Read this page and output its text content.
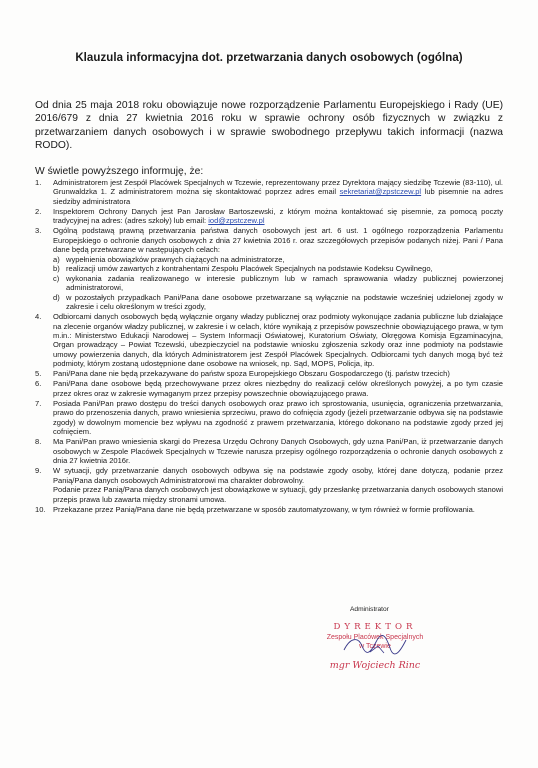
Klauzula informacyjna dot. przetwarzania danych osobowych (ogólna)
Od dnia 25 maja 2018 roku obowiązuje nowe rozporządzenie Parlamentu Europejskiego i Rady (UE) 2016/679 z dnia 27 kwietnia 2016 roku w sprawie ochrony osób fizycznych w związku z przetwarzaniem danych osobowych i w sprawie swobodnego przepływu takich informacji (nazwa RODO).
W świetle powyższego informuję, że:
1. Administratorem jest Zespół Placówek Specjalnych w Tczewie, reprezentowany przez Dyrektora mający siedzibę Tczewie (83-110), ul. Grunwaldzka 1. Z administratorem można się skontaktować poprzez adres email sekretariat@zpstczew.pl lub pisemnie na adres siedziby administratora
2. Inspektorem Ochrony Danych jest Pan Jarosław Bartoszewski, z którym można kontaktować się pisemnie, za pomocą poczty tradycyjnej na adres: (adres szkoły) lub email: iod@zpstczew.pl
3. Ogólną podstawą prawną przetwarzania państwa danych osobowych jest art. 6 ust. 1 ogólnego rozporządzenia Parlamentu Europejskiego o ochronie danych osobowych z dnia 27 kwietnia 2016 r. oraz szczegółowych przepisów podanych niżej. Pani / Pana dane będą przetwarzane w następujących celach:
a) wypełnienia obowiązków prawnych ciążących na administratorze,
b) realizacji umów zawartych z kontrahentami Zespołu Placówek Specjalnych na podstawie Kodeksu Cywilnego,
c) wykonania zadania realizowanego w interesie publicznym lub w ramach sprawowania władzy publicznej powierzonej administratorowi,
d) w pozostałych przypadkach Pani/Pana dane osobowe przetwarzane są wyłącznie na podstawie wcześniej udzielonej zgody w zakresie i celu określonym w treści zgody,
4. Odbiorcami danych osobowych będą wyłącznie organy władzy publicznej oraz podmioty wykonujące zadania publiczne lub działające na zlecenie organów władzy publicznej, w zakresie i w celach, które wynikają z przepisów powszechnie obowiązującego prawa, w tym m.in.: Ministerstwo Edukacji Narodowej – System Informacji Oświatowej, Kuratorium Oświaty, Okręgowa Komisja Egzaminacyjna, Organ prowadzący – Powiat Tczewski, ubezpieczyciel na podstawie wniosku zgłoszenia szkody oraz inne podmioty na podstawie umowy powierzenia danych, dla których Administratorem jest Zespół Placówek Specjalnych. Odbiorcami tych danych mogą być też podmioty, którym zostaną udostępnione dane osobowe na wniosek, np. Sąd, MOPS, Policja, itp.
5. Pani/Pana dane nie będą przekazywane do państw spoza Europejskiego Obszaru Gospodarczego (tj. państw trzecich)
6. Pani/Pana dane osobowe będą przechowywane przez okres niezbędny do realizacji celów określonych powyżej, a po tym czasie przez okres oraz w zakresie wymaganym przez przepisy powszechnie obowiązującego prawa.
7. Posiada Pani/Pan prawo dostępu do treści danych osobowych oraz prawo ich sprostowania, usunięcia, ograniczenia przetwarzania, prawo do przenoszenia danych, prawo wniesienia sprzeciwu, prawo do cofnięcia zgody (jeżeli przetwarzanie odbywa się na podstawie zgody) w dowolnym momencie bez wpływu na zgodność z prawem przetwarzania, którego dokonano na podstawie zgody przed jej cofnięciem.
8. Ma Pani/Pan prawo wniesienia skargi do Prezesa Urzędu Ochrony Danych Osobowych, gdy uzna Pani/Pan, iż przetwarzanie danych osobowych w Zespole Placówek Specjalnych w Tczewie narusza przepisy ogólnego rozporządzenia o ochronie danych osobowych z dnia 27 kwietnia 2016r.
9. W sytuacji, gdy przetwarzanie danych osobowych odbywa się na podstawie zgody osoby, której dane dotyczą, podanie przez Panią/Pana danych osobowych Administratorowi ma charakter dobrowolny.
Podanie przez Panią/Pana danych osobowych jest obowiązkowe w sytuacji, gdy przesłankę przetwarzania danych osobowych stanowi przepis prawa lub zawarta między stronami umowa.
10. Przekazane przez Panią/Pana dane nie będą przetwarzane w sposób zautomatyzowany, w tym również w formie profilowania.
Administrator
DYREKTOR
Zespołu Placówek Specjalnych
w Tczewie
mgr Wojciech Rinc
